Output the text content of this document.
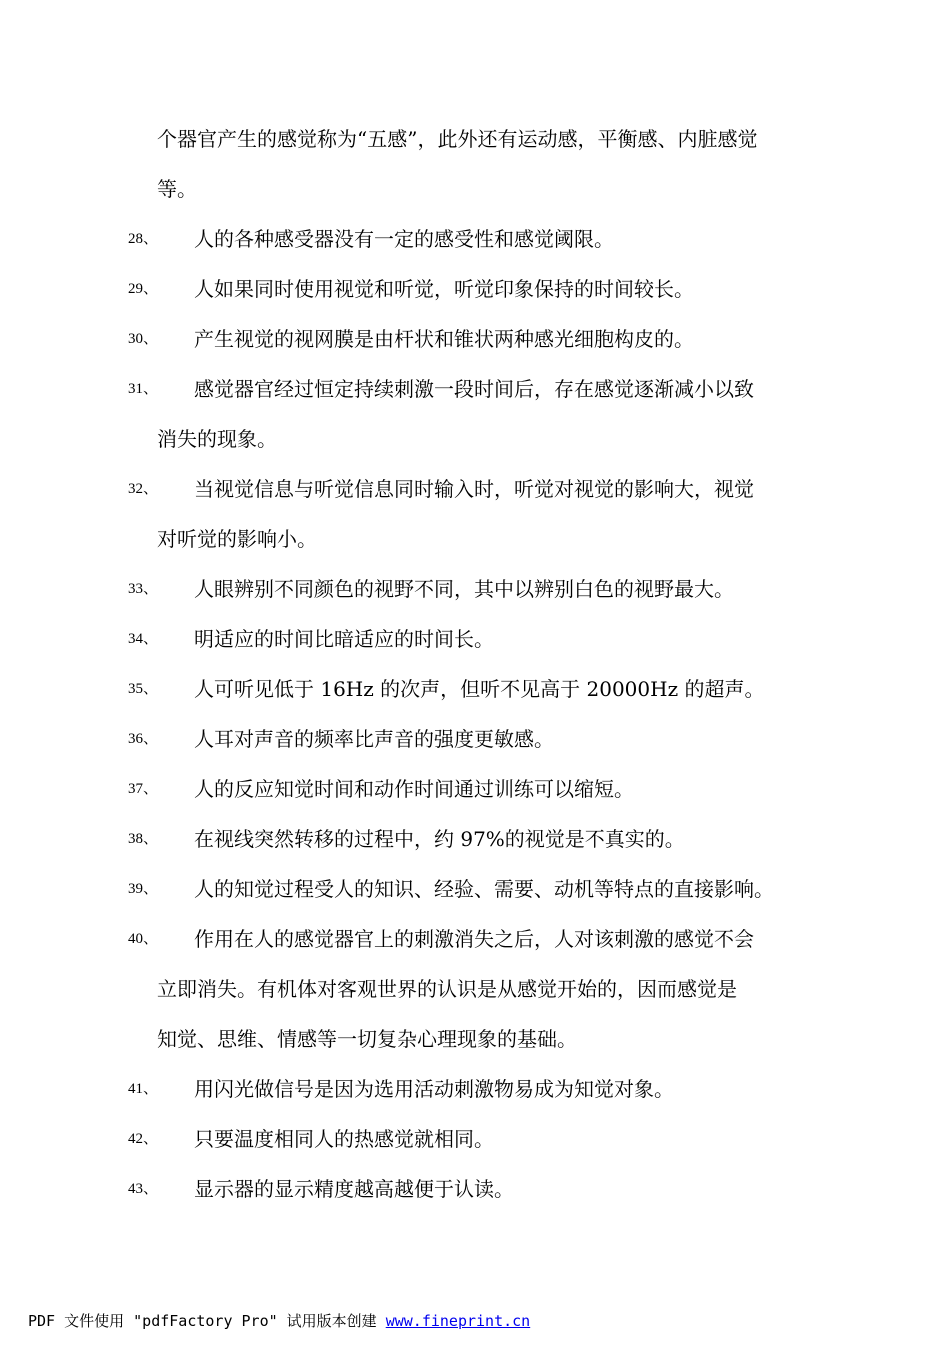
个器官产生的感觉称为“五感”，此外还有运动感，平衡感、内脏感觉
等。
28、 人的各种感受器没有一定的感受性和感觉阈限。
29、 人如果同时使用视觉和听觉，听觉印象保持的时间较长。
30、 产生视觉的视网膜是由杆状和锥状两种感光细胞构皮的。
31、 感觉器官经过恒定持续刺激一段时间后，存在感觉逐渐减小以致
消失的现象。
32、 当视觉信息与听觉信息同时输入时，听觉对视觉的影响大，视觉
对听觉的影响小。
33、 人眼辨别不同颜色的视野不同，其中以辨别白色的视野最大。
34、 明适应的时间比暗适应的时间长。
35、 人可听见低于 16Hz 的次声，但听不见高于 20000Hz 的超声。
36、 人耳对声音的频率比声音的强度更敏感。
37、 人的反应知觉时间和动作时间通过训练可以缩短。
38、 在视线突然转移的过程中，约 97%的视觉是不真实的。
39、 人的知觉过程受人的知识、经验、需要、动机等特点的直接影响。
40、 作用在人的感觉器官上的刺激消失之后，人对该刺激的感觉不会
立即消失。有机体对客观世界的认识是从感觉开始的，因而感觉是
知觉、思维、情感等一切复杂心理现象的基础。
41、 用闪光做信号是因为选用活动刺激物易成为知觉对象。
42、 只要温度相同人的热感觉就相同。
43、 显示器的显示精度越高越便于认读。
PDF 文件使用 "pdfFactory Pro" 试用版本创建 www.fineprint.cn
